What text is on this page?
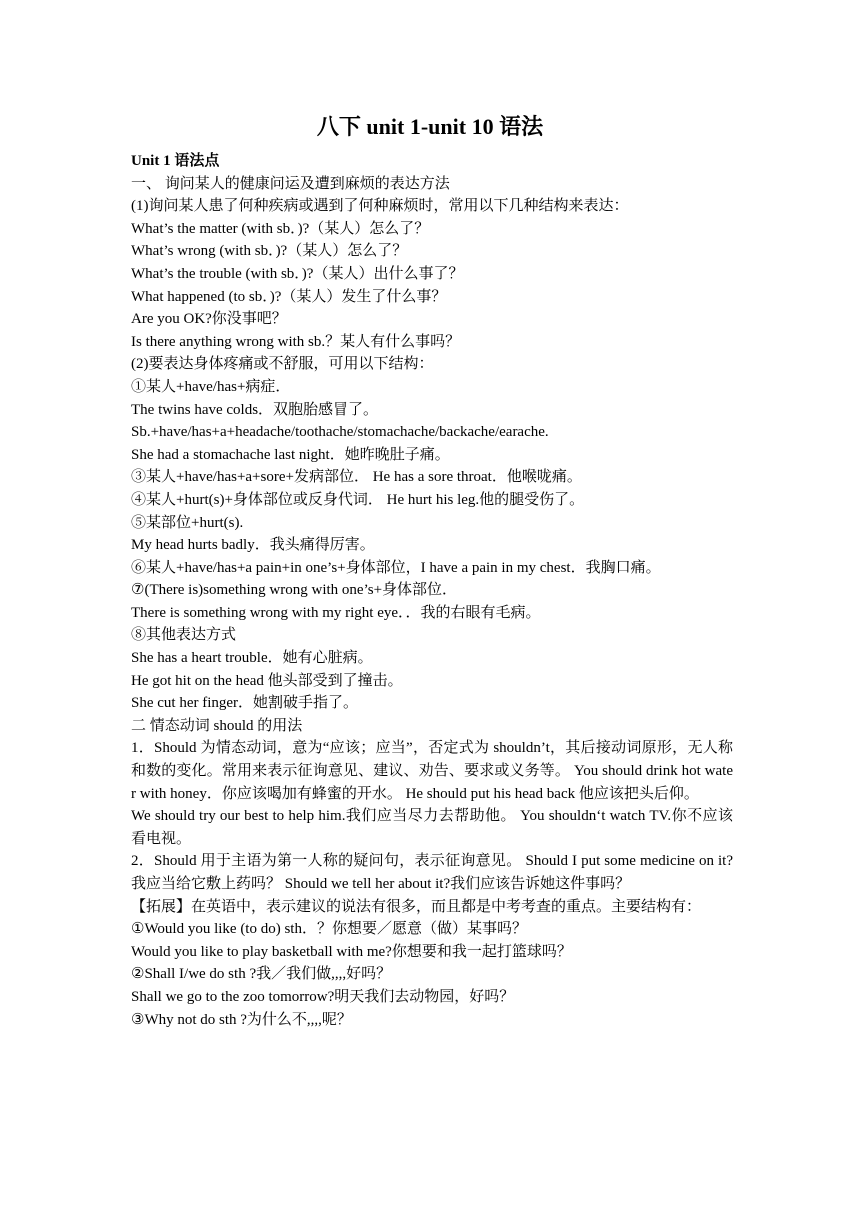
八下 unit 1-unit 10 语法
Unit 1 语法点
一、 询问某人的健康问运及遭到麻烦的表达方法
(1)询问某人患了何种疾病或遇到了何种麻烦时，常用以下几种结构来表达：
What’s the matter (with sb．)?（某人）怎么了？
What’s wrong (with sb．)?（某人）怎么了？
What’s the trouble (with sb．)?（某人）出什么事了？
What happened (to sb．)?（某人）发生了什么事？
Are you OK?你没事吧？
Is there anything wrong with sb.？某人有什么事吗？
(2)要表达身体疼痛或不舒服，可用以下结构：
①某人+have/has+病症．
The twins have colds．双胞胎感冒了。
Sb.+have/has+a+headache/toothache/stomachache/backache/earache.
She had a stomachache last night．她昨晚肚子痛。
③某人+have/has+a+sore+发病部位． He has a sore throat．他喉咙痛。
④某人+hurt(s)+身体部位或反身代词． He hurt his leg.他的腿受伤了。
⑤某部位+hurt(s).
My head hurts badly．我头痛得厉害。
⑥某人+have/has+a pain+in one’s+身体部位，I have a pain in my chest．我胸口痛。
⑦(There is)something wrong with one’s+身体部位．
There is something wrong with my right eye．．我的右眼有毛病。
⑧其他表达方式
She has a heart trouble．她有心脏病。
He got hit on the head 他头部受到了撞击。
She cut her finger．她割破手指了。
二 情态动词 should 的用法
1．Should 为情态动词，意为“应该；应当”，否定式为 shouldn’t，其后接动词原形，无人称和数的变化。常用来表示征询意见、建议、劝告、要求或义务等。 You should drink hot water with honey．你应该喝加有蜂蜜的开水。 He should put his head back 他应该把头后仰。
We should try our best to help him.我们应当尽力去帮助他。 You shouldn‘t watch TV.你不应该看电视。
2．Should 用于主语为第一人称的疑问句，表示征询意见。 Should I put some medicine on it?我应当给它敷上药吗？ Should we tell her about it?我们应该告诉她这件事吗？
【拓展】在英语中，表示建议的说法有很多，而且都是中考考查的重点。主要结构有：
①Would you like (to do) sth．？你想要／愿意（做）某事吗？
Would you like to play basketball with me?你想要和我一起打篮球吗？
②Shall I/we do sth ?我／我们做,,,,好吗？
Shall we go to the zoo tomorrow?明天我们去动物园，好吗？
③Why not do sth ?为什么不,,,,呢？
